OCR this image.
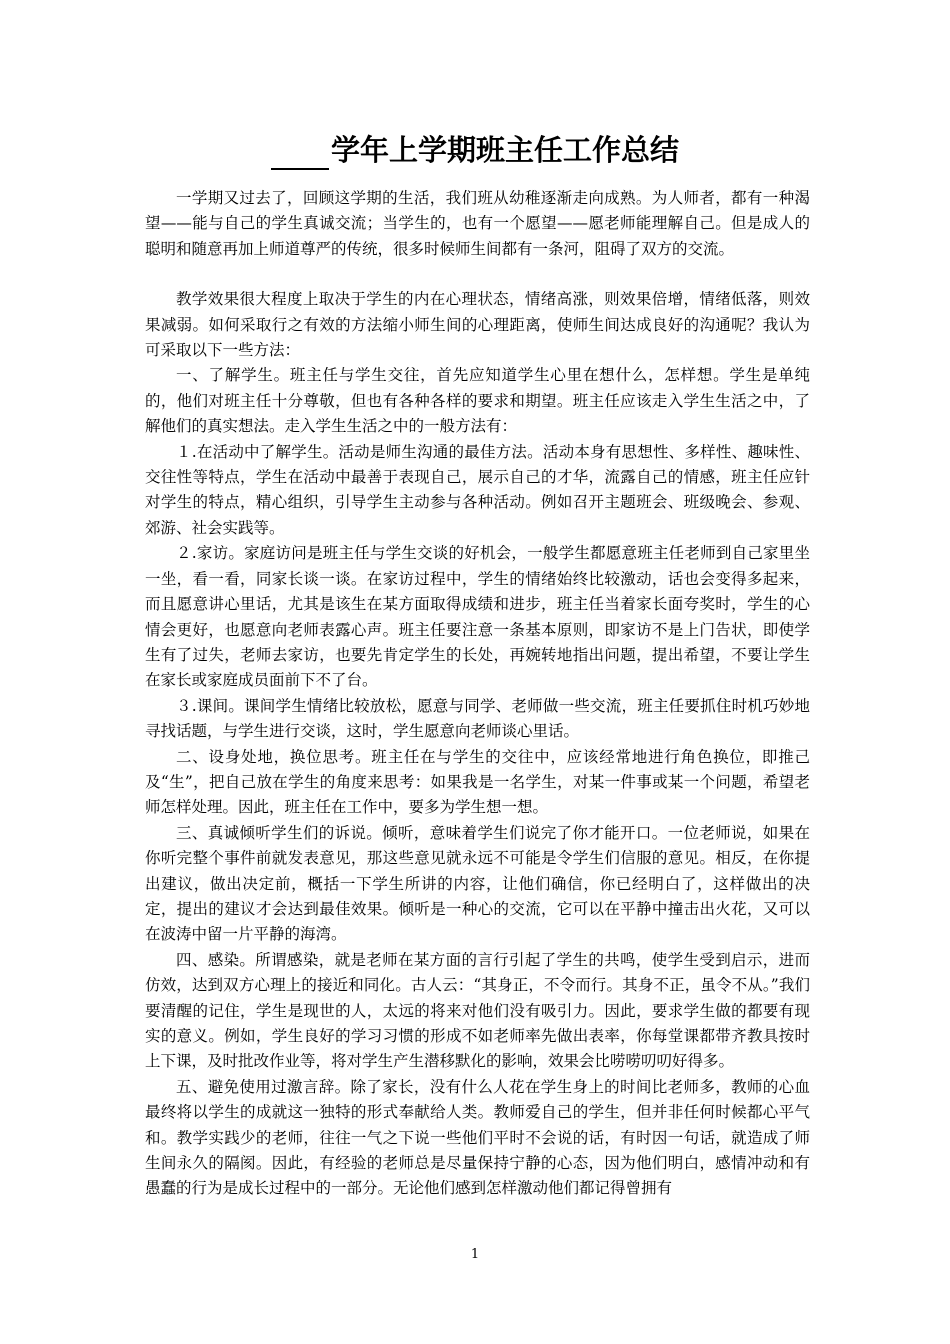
学年上学期班主任工作总结

一学期又过去了，回顾这学期的生活，我们班从幼稚逐渐走向成熟。为人师者，都有一种渴望——能与自己的学生真诚交流；当学生的，也有一个愿望——愿老师能理解自己。但是成人的聪明和随意再加上师道尊严的传统，很多时候师生间都有一条河，阻碍了双方的交流。

教学效果很大程度上取决于学生的内在心理状态，情绪高涨，则效果倍增，情绪低落，则效果减弱。如何采取行之有效的方法缩小师生间的心理距离，使师生间达成良好的沟通呢？我认为可采取以下一些方法：

一、了解学生。班主任与学生交往，首先应知道学生心里在想什么，怎样想。学生是单纯的，他们对班主任十分尊敬，但也有各种各样的要求和期望。班主任应该走入学生生活之中，了解他们的真实想法。走入学生生活之中的一般方法有：

１.在活动中了解学生。活动是师生沟通的最佳方法。活动本身有思想性、多样性、趣味性、交往性等特点，学生在活动中最善于表现自己，展示自己的才华，流露自己的情感，班主任应针对学生的特点，精心组织，引导学生主动参与各种活动。例如召开主题班会、班级晚会、参观、郊游、社会实践等。

２.家访。家庭访问是班主任与学生交谈的好机会，一般学生都愿意班主任老师到自己家里坐一坐，看一看，同家长谈一谈。在家访过程中，学生的情绪始终比较激动，话也会变得多起来，而且愿意讲心里话，尤其是该生在某方面取得成绩和进步，班主任当着家长面夸奖时，学生的心情会更好，也愿意向老师表露心声。班主任要注意一条基本原则，即家访不是上门告状，即使学生有了过失，老师去家访，也要先肯定学生的长处，再婉转地指出问题，提出希望，不要让学生在家长或家庭成员面前下不了台。

３.课间。课间学生情绪比较放松，愿意与同学、老师做一些交流，班主任要抓住时机巧妙地寻找话题，与学生进行交谈，这时，学生愿意向老师谈心里话。

二、设身处地，换位思考。班主任在与学生的交往中，应该经常地进行角色换位，即推己及“生”，把自己放在学生的角度来思考：如果我是一名学生，对某一件事或某一个问题，希望老师怎样处理。因此，班主任在工作中，要多为学生想一想。

三、真诚倾听学生们的诉说。倾听，意味着学生们说完了你才能开口。一位老师说，如果在你听完整个事件前就发表意见，那这些意见就永远不可能是令学生们信服的意见。相反，在你提出建议，做出决定前，概括一下学生所讲的内容，让他们确信，你已经明白了，这样做出的决定，提出的建议才会达到最佳效果。倾听是一种心的交流，它可以在平静中撞击出火花，又可以在波涛中留一片平静的海湾。

四、感染。所谓感染，就是老师在某方面的言行引起了学生的共鸣，使学生受到启示，进而仿效，达到双方心理上的接近和同化。古人云：“其身正，不令而行。其身不正，虽令不从。”我们要清醒的记住，学生是现世的人，太远的将来对他们没有吸引力。因此，要求学生做的都要有现实的意义。例如，学生良好的学习习惯的形成不如老师率先做出表率，你每堂课都带齐教具按时上下课，及时批改作业等，将对学生产生潜移默化的影响，效果会比唠唠叨叨好得多。

五、避免使用过激言辞。除了家长，没有什么人花在学生身上的时间比老师多，教师的心血最终将以学生的成就这一独特的形式奉献给人类。教师爱自己的学生，但并非任何时候都心平气和。教学实践少的老师，往往一气之下说一些他们平时不会说的话，有时因一句话，就造成了师生间永久的隔阂。因此，有经验的老师总是尽量保持宁静的心态，因为他们明白，感情冲动和有愚蠢的行为是成长过程中的一部分。无论他们感到怎样激动他们都记得曾拥有

1
